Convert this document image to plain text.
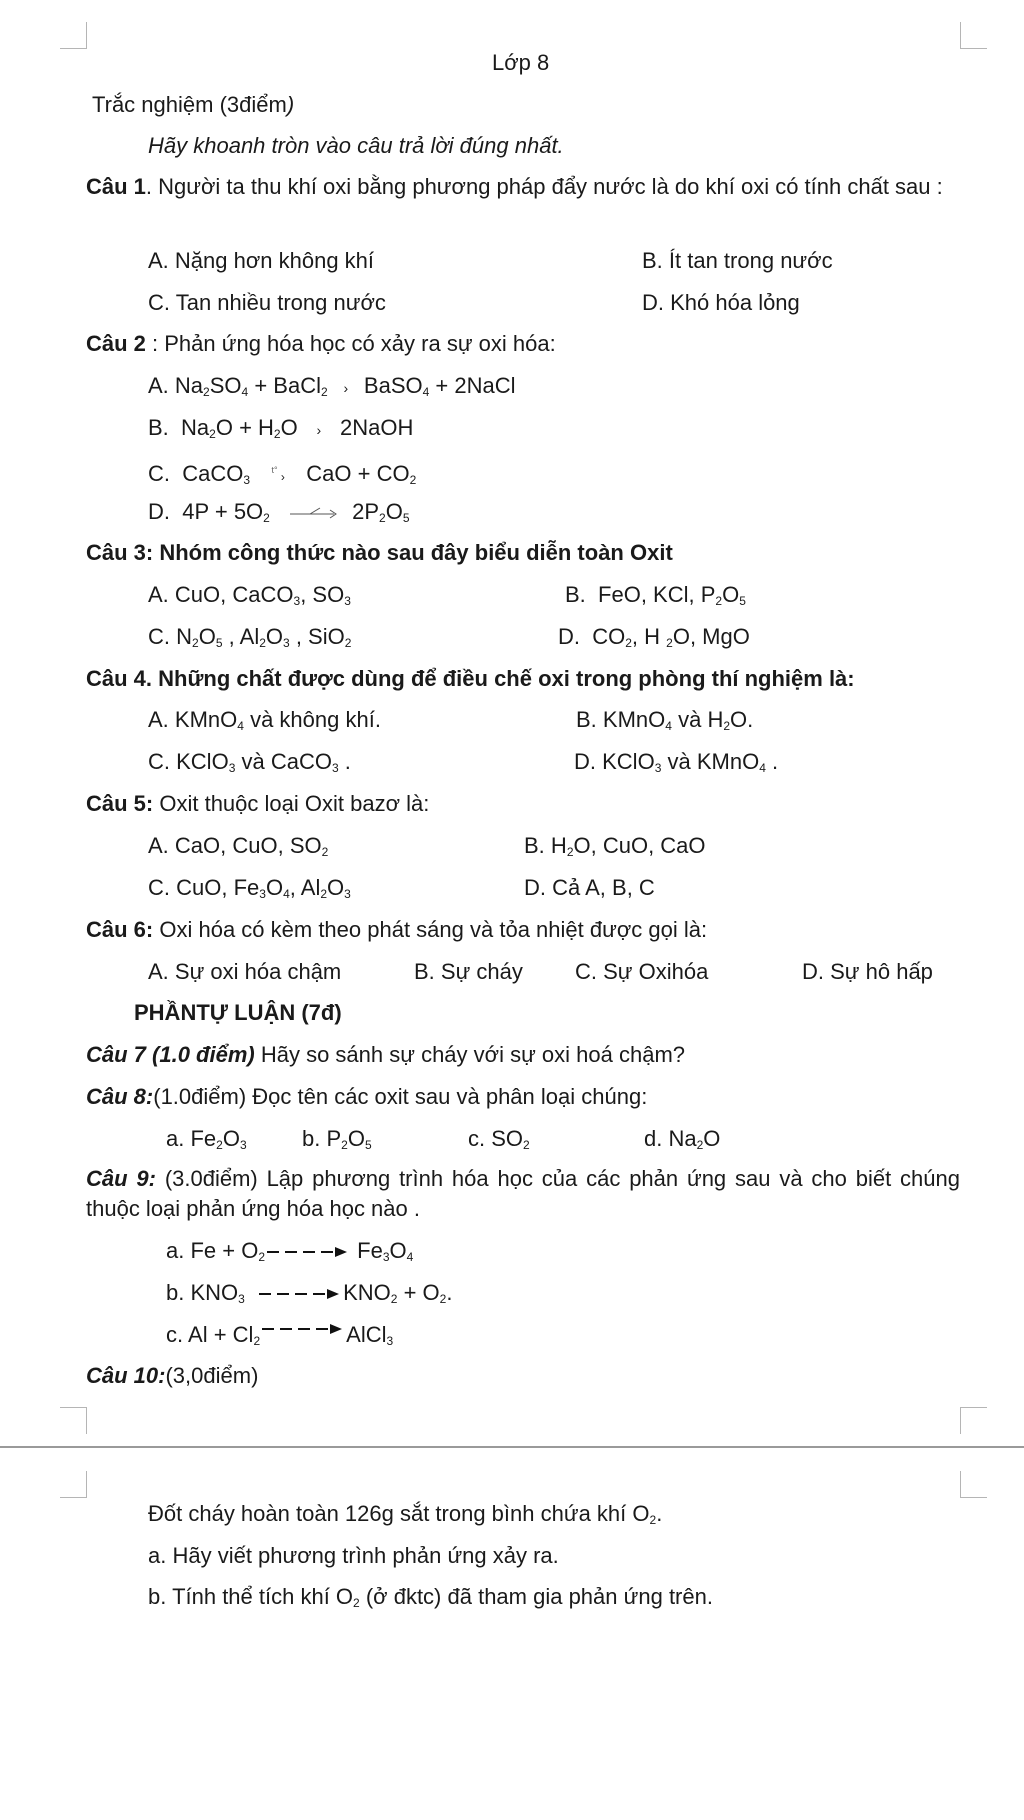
Lớp 8
Trắc nghiệm (3điểm)
Hãy khoanh tròn vào câu trả lời đúng nhất.
Câu 1. Người ta thu khí oxi bằng phương pháp đẩy nước là do khí oxi có tính chất sau :
A. Nặng hơn không khí	B. Ít tan trong nước
C. Tan nhiều trong nước	D. Khó hóa lỏng
Câu 2 : Phản ứng hóa học có xảy ra sự oxi hóa:
A. $Na_2SO_4$ + BaCl$_2$ › BaSO$_4$ + 2NaCl
B. $Na_2O + H_2O$ › 2NaOH
C. CaCO$_3$ $^{t^\circ}$ › CaO + $CO_2$
D. $4P + 5O_2 \to 2P_2O_5$
Câu 3: Nhóm công thức nào sau đây biểu diễn toàn Oxit
A. CuO, CaCO$_3$, $SO_3$	B. FeO, KCl, $P_2O_5$
C. $N_2O_5$ , $Al_2O_3$ , SiO$_2$	D. $CO_2$, H $_2$O, MgO
Câu 4. Những chất được dùng để điều chế oxi trong phòng thí nghiệm là:
A. KMnO$_4$ và không khí.	B. KMnO$_4$ và $H_2O$.
C. KClO$_3$ và CaCO$_3$ .	D. KClO$_3$ và KMnO$_4$ .
Câu 5: Oxit thuộc loại Oxit bazơ là:
A. CaO, CuO, $SO_2$	B. $H_2O$, CuO, CaO
C. CuO, $Fe_3O_4$, $Al_2O_3$	D. Cả A, B, C
Câu 6: Oxi hóa có kèm theo phát sáng và tỏa nhiệt được gọi là:
A. Sự oxi hóa chậm	B. Sự cháy C. Sự Oxihóa	D. Sự hô hấp
PHẦNTỰ LUẬN (7đ)
Câu 7 (1.0 điểm) Hãy so sánh sự cháy với sự oxi hoá chậm?
Câu 8:(1.0điểm) Đọc tên các oxit sau và phân loại chúng:
a. $Fe_2O_3$	b. $P_2O_5$	c. $SO_2$	d. $Na_2O$
Câu 9: (3.0điểm) Lập phương trình hóa học của các phản ứng sau và cho biết chúng thuộc loại phản ứng hóa học nào .
a. $Fe + O_2$	$Fe_3O_4$
b. $KNO_3$	$KNO_2 + O_2$.
c. $Al + Cl_2$	AlCl$_3$
Câu 10:(3,0điểm)
Đốt cháy hoàn toàn 126g sắt trong bình chứa khí $O_2$.
a. Hãy viết phương trình phản ứng xảy ra.
b. Tính thể tích khí $O_2$ (ở đktc) đã tham gia phản ứng trên.
